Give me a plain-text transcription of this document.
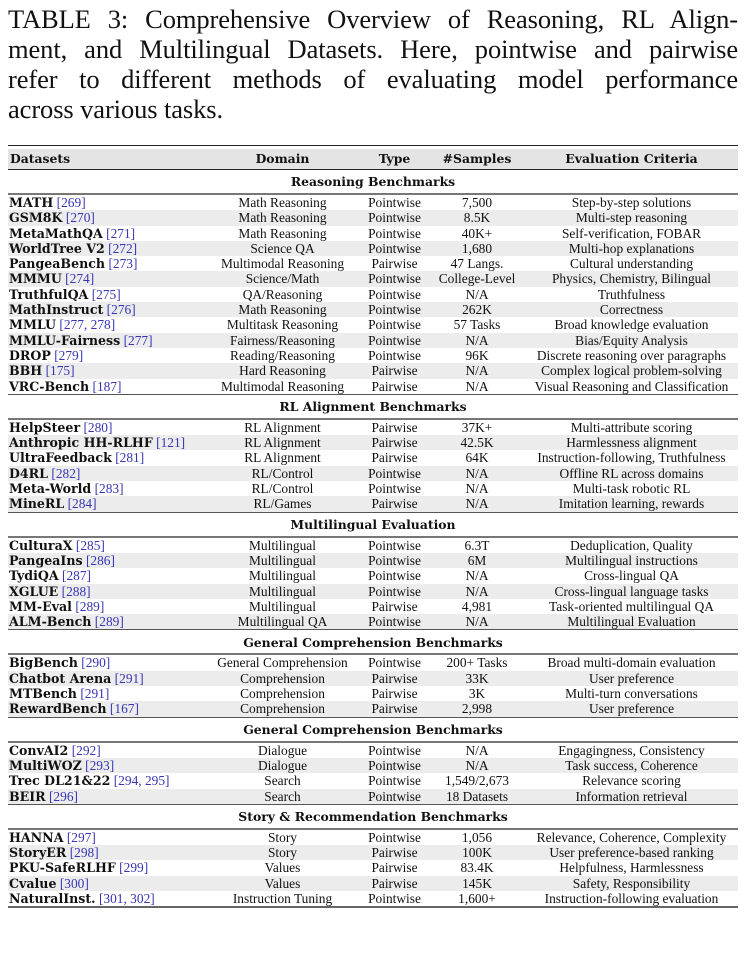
TABLE 3: Comprehensive Overview of Reasoning, RL Align-
ment, and Multilingual Datasets. Here, pointwise and pairwise
refer to different methods of evaluating model performance
across various tasks.

Datasets	Domain	Type	#Samples	Evaluation Criteria
Reasoning Benchmarks				
MATH [269]	Math Reasoning	Pointwise	7,500	Step-by-step solutions
GSM8K [270]	Math Reasoning	Pointwise	8.5K	Multi-step reasoning
MetaMathQA [271]	Math Reasoning	Pointwise	40K+	Self-verification, FOBAR
WorldTree V2 [272]	Science QA	Pointwise	1,680	Multi-hop explanations
PangeaBench [273]	Multimodal Reasoning	Pairwise	47 Langs.	Cultural understanding
MMMU [274]	Science/Math	Pointwise	College-Level	Physics, Chemistry, Bilingual
TruthfulQA [275]	QA/Reasoning	Pointwise	N/A	Truthfulness
MathInstruct [276]	Math Reasoning	Pointwise	262K	Correctness
MMLU [277, 278]	Multitask Reasoning	Pointwise	57 Tasks	Broad knowledge evaluation
MMLU-Fairness [277]	Fairness/Reasoning	Pointwise	N/A	Bias/Equity Analysis
DROP [279]	Reading/Reasoning	Pointwise	96K	Discrete reasoning over paragraphs
BBH [175]	Hard Reasoning	Pairwise	N/A	Complex logical problem-solving
VRC-Bench [187]	Multimodal Reasoning	Pairwise	N/A	Visual Reasoning and Classification
RL Alignment Benchmarks				
HelpSteer [280]	RL Alignment	Pairwise	37K+	Multi-attribute scoring
Anthropic HH-RLHF [121]	RL Alignment	Pairwise	42.5K	Harmlessness alignment
UltraFeedback [281]	RL Alignment	Pairwise	64K	Instruction-following, Truthfulness
D4RL [282]	RL/Control	Pointwise	N/A	Offline RL across domains
Meta-World [283]	RL/Control	Pointwise	N/A	Multi-task robotic RL
MineRL [284]	RL/Games	Pairwise	N/A	Imitation learning, rewards
Multilingual Evaluation				
CulturaX [285]	Multilingual	Pointwise	6.3T	Deduplication, Quality
PangeaIns [286]	Multilingual	Pointwise	6M	Multilingual instructions
TydiQA [287]	Multilingual	Pointwise	N/A	Cross-lingual QA
XGLUE [288]	Multilingual	Pointwise	N/A	Cross-lingual language tasks
MM-Eval [289]	Multilingual	Pairwise	4,981	Task-oriented multilingual QA
ALM-Bench [289]	Multilingual QA	Pointwise	N/A	Multilingual Evaluation
General Comprehension Benchmarks				
BigBench [290]	General Comprehension	Pointwise	200+ Tasks	Broad multi-domain evaluation
Chatbot Arena [291]	Comprehension	Pairwise	33K	User preference
MTBench [291]	Comprehension	Pairwise	3K	Multi-turn conversations
RewardBench [167]	Comprehension	Pairwise	2,998	User preference
General Comprehension Benchmarks				
ConvAI2 [292]	Dialogue	Pointwise	N/A	Engagingness, Consistency
MultiWOZ [293]	Dialogue	Pointwise	N/A	Task success, Coherence
Trec DL21&22 [294, 295]	Search	Pointwise	1,549/2,673	Relevance scoring
BEIR [296]	Search	Pointwise	18 Datasets	Information retrieval
Story & Recommendation Benchmarks				
HANNA [297]	Story	Pointwise	1,056	Relevance, Coherence, Complexity
StoryER [298]	Story	Pairwise	100K	User preference-based ranking
PKU-SafeRLHF [299]	Values	Pairwise	83.4K	Helpfulness, Harmlessness
Cvalue [300]	Values	Pairwise	145K	Safety, Responsibility
NaturalInst. [301, 302]	Instruction Tuning	Pointwise	1,600+	Instruction-following evaluation
